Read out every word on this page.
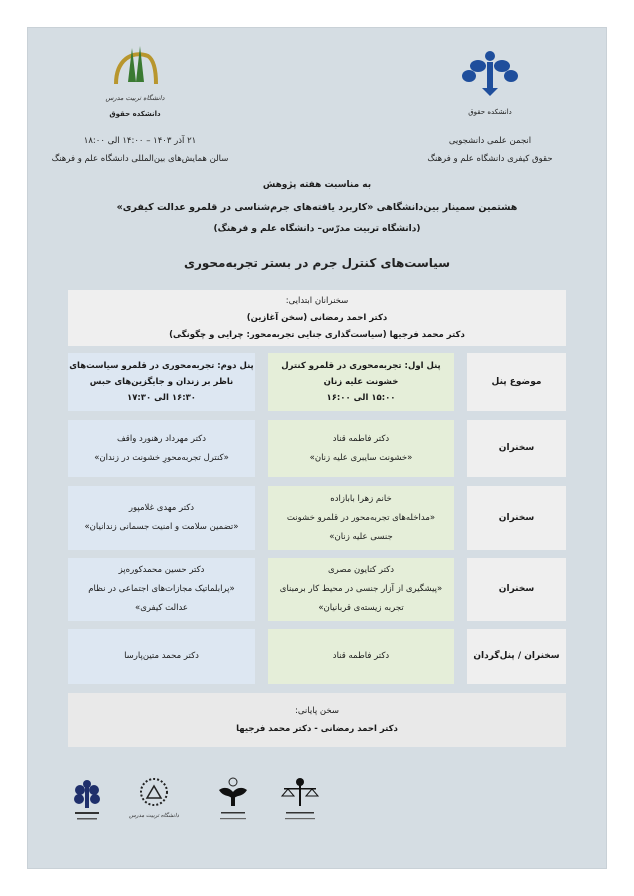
دانشگاه تربیت مدرس
دانشکده حقوق	دانشکده حقوق
۲۱ آذر ۱۴۰۳ – ۱۴:۰۰ الی ۱۸:۰۰
سالن همایش‌های بین‌المللی دانشگاه علم و فرهنگ
انجمن علمی دانشجویی
حقوق کیفری دانشگاه علم و فرهنگ
به مناسبت هفته پژوهش
هشتمین سمینار بین‌دانشگاهی «کاربرد یافته‌های جرم‌شناسی در قلمرو عدالت کیفری»
(دانشگاه تربیت مدرّس– دانشگاه علم و فرهنگ)
سیاست‌های کنترل جرم در بستر تجربه‌محوری
سخنرانان ابتدایی:
دکتر احمد رمضانی (سخن آغازین)
دکتر محمد فرجیها (سیاست‌گذاری جنایی تجربه‌محور: چرایی و چگونگی)
موضوع پنل
پنل اول: تجربه‌محوری در قلمرو کنترل
خشونت علیه زنان
۱۵:۰۰ الی ۱۶:۰۰
پنل دوم: تجربه‌محوری در قلمرو سیاست‌های
ناظر بر زندان و جایگزین‌های حبس
۱۶:۳۰ الی ۱۷:۳۰
سخنران
دکتر فاطمه قناد
«خشونت سایبری علیه زنان»
دکتر مهرداد رهنورد واقف
«کنترل تجربه‌محورِ خشونت در زندان»
سخنران
خانم زهرا بابازاده
«مداخله‌های تجربه‌محور در قلمرو خشونت
جنسی علیه زنان»
دکتر مهدی غلامپور
«تضمین سلامت و امنیت جسمانی زندانیان»
سخنران
دکتر کتایون مصری
«پیشگیری از آزار جنسی در محیط کار برمبنای
تجربه زیسته‌ی قربانیان»
دکتر حسین محمدکوره‌پز
«پرابلماتیک مجازات‌های اجتماعی در نظام
عدالت کیفری»
سخنران / پنل‌گردان
دکتر فاطمه قناد
دکتر محمد متین‌پارسا
سخن پایانی:
دکتر احمد رمضانی - دکتر محمد فرجیها
دانشگاه تربیت مدرس
